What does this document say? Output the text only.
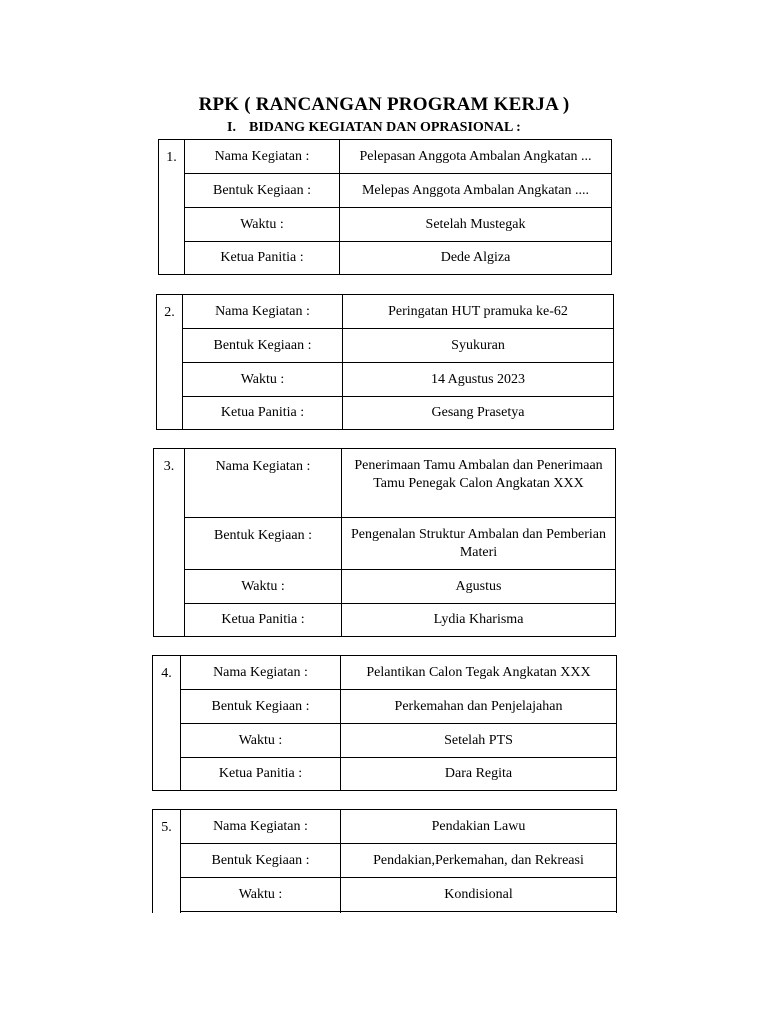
RPK ( RANCANGAN PROGRAM KERJA )
I. BIDANG KEGIATAN DAN OPRASIONAL :
1.	Nama Kegiatan :	Pelepasan Anggota Ambalan Angkatan ...
	Bentuk Kegiaan :	Melepas Anggota Ambalan Angkatan ....
	Waktu :	Setelah Mustegak
	Ketua Panitia :	Dede Algiza
2.	Nama Kegiatan :	Peringatan HUT pramuka ke-62
	Bentuk Kegiaan :	Syukuran
	Waktu :	14 Agustus 2023
	Ketua Panitia :	Gesang Prasetya
3.	Nama Kegiatan :	Penerimaan Tamu Ambalan dan Penerimaan Tamu Penegak Calon Angkatan XXX
	Bentuk Kegiaan :	Pengenalan Struktur Ambalan dan Pemberian Materi
	Waktu :	Agustus
	Ketua Panitia :	Lydia Kharisma
4.	Nama Kegiatan :	Pelantikan Calon Tegak Angkatan XXX
	Bentuk Kegiaan :	Perkemahan dan Penjelajahan
	Waktu :	Setelah PTS
	Ketua Panitia :	Dara Regita
5.	Nama Kegiatan :	Pendakian Lawu
	Bentuk Kegiaan :	Pendakian,Perkemahan, dan Rekreasi
	Waktu :	Kondisional
